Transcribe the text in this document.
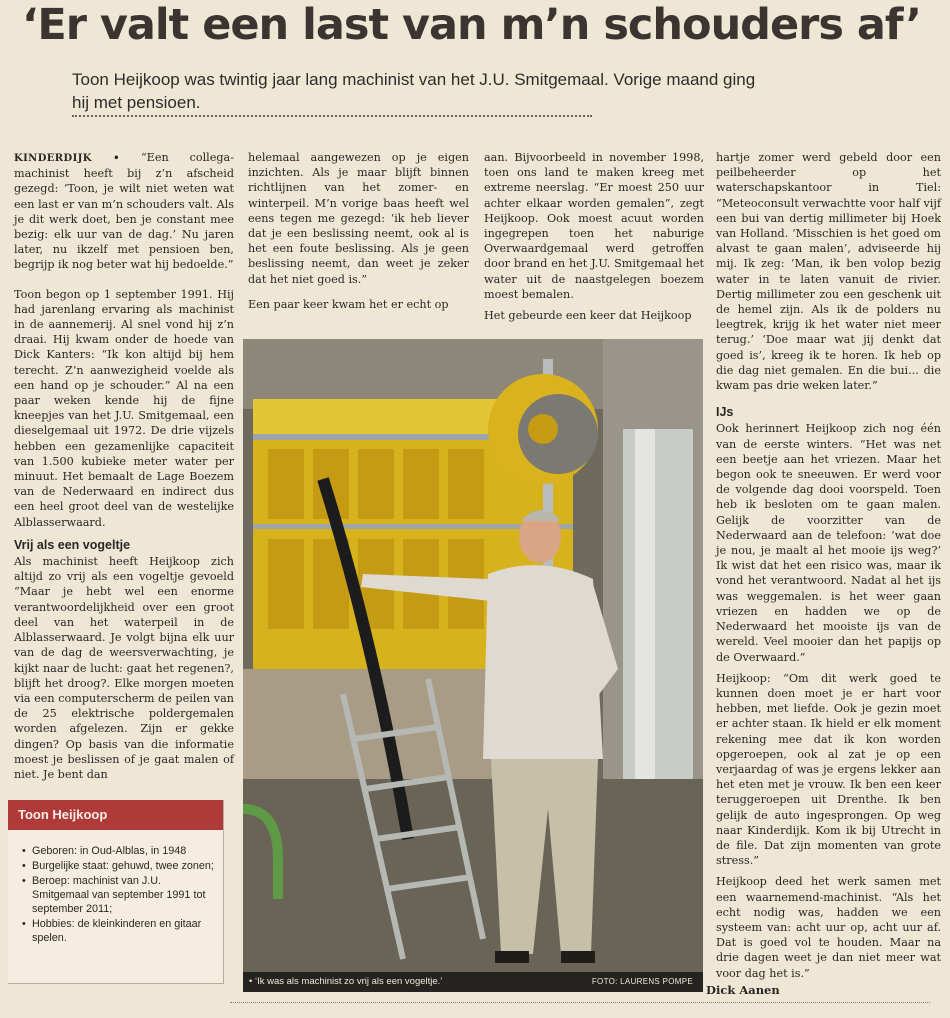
‘Er valt een last van m’n schouders af’
Toon Heijkoop was twintig jaar lang machinist van het J.U. Smitgemaal. Vorige maand ging hij met pensioen.

KINDERDIJK • “Een collega-machinist heeft bij z’n afscheid gezegd: ‘Toon, je wilt niet weten wat een last er van m’n schouders valt. Als je dit werk doet, ben je constant mee bezig: elk uur van de dag.’ Nu jaren later, nu ikzelf met pensioen ben, begrijp ik nog beter wat hij bedoelde.”

Toon begon op 1 september 1991. Hij had jarenlang ervaring als machinist in de aannemerij. Al snel vond hij z’n draai. Hij kwam onder de hoede van Dick Kanters: “Ik kon altijd bij hem terecht. Z’n aanwezigheid voelde als een hand op je schouder.” Al na een paar weken kende hij de fijne kneepjes van het J.U. Smitgemaal, een dieselgemaal uit 1972. De drie vijzels hebben een gezamenlijke capaciteit van 1.500 kubieke meter water per minuut. Het bemaalt de Lage Boezem van de Nederwaard en indirect dus een heel groot deel van de westelijke Alblasserwaard.

Vrij als een vogeltje

Als machinist heeft Heijkoop zich altijd zo vrij als een vogeltje gevoeld “Maar je hebt wel een enorme verantwoordelijkheid over een groot deel van het waterpeil in de Alblasserwaard. Je volgt bijna elk uur van de dag de weersverwachting, je kijkt naar de lucht: gaat het regenen?, blijft het droog?. Elke morgen moeten via een computerscherm de peilen van de 25 elektrische poldergemalen worden afgelezen. Zijn er gekke dingen? Op basis van die informatie moest je beslissen of je gaat malen of niet. Je bent dan

Toon Heijkoop
• Geboren: in Oud-Alblas, in 1948
• Burgelijke staat: gehuwd, twee zonen;
• Beroep: machinist van J.U. Smitgemaal van september 1991 tot september 2011;
• Hobbies: de kleinkinderen en gitaar spelen.

helemaal aangewezen op je eigen inzichten. Als je maar blijft binnen richtlijnen van het zomer- en winterpeil. M’n vorige baas heeft wel eens tegen me gezegd: ‘ik heb liever dat je een beslissing neemt, ook al is het een foute beslissing. Als je geen beslissing neemt, dan weet je zeker dat het niet goed is.”

Een paar keer kwam het er echt op

aan. Bijvoorbeeld in november 1998, toen ons land te maken kreeg met extreme neerslag. “Er moest 250 uur achter elkaar worden gemalen”, zegt Heijkoop. Ook moest acuut worden ingegrepen toen het naburige Overwaardgemaal werd getroffen door brand en het J.U. Smitgemaal het water uit de naastgelegen boezem moest bemalen.

Het gebeurde een keer dat Heijkoop

hartje zomer werd gebeld door een peilbeheerder op het waterschapskantoor in Tiel: “Meteoconsult verwachtte voor half vijf een bui van dertig millimeter bij Hoek van Holland. ‘Misschien is het goed om alvast te gaan malen’, adviseerde hij mij. Ik zeg: ‘Man, ik ben volop bezig water in te laten vanuit de rivier. Dertig millimeter zou een geschenk uit de hemel zijn. Als ik de polders nu leegtrek, krijg ik het water niet meer terug.’ ‘Doe maar wat jij denkt dat goed is’, kreeg ik te horen. Ik heb op die dag niet gemalen. En die bui... die kwam pas drie weken later.”

IJs

Ook herinnert Heijkoop zich nog één van de eerste winters. “Het was net een beetje aan het vriezen. Maar het begon ook te sneeuwen. Er werd voor de volgende dag dooi voorspeld. Toen heb ik besloten om te gaan malen. Gelijk de voorzitter van de Nederwaard aan de telefoon: ‘wat doe je nou, je maalt al het mooie ijs weg?’ Ik wist dat het een risico was, maar ik vond het verantwoord. Nadat al het ijs was weggemalen. is het weer gaan vriezen en hadden we op de Nederwaard het mooiste ijs van de wereld. Veel mooier dan het papijs op de Overwaard.”

Heijkoop: “Om dit werk goed te kunnen doen moet je er hart voor hebben, met liefde. Ook je gezin moet er achter staan. Ik hield er elk moment rekening mee dat ik kon worden opgeroepen, ook al zat je op een verjaardag of was je ergens lekker aan het eten met je vrouw. Ik ben een keer teruggeroepen uit Drenthe. Ik ben gelijk de auto ingesprongen. Op weg naar Kinderdijk. Kom ik bij Utrecht in de file. Dat zijn momenten van grote stress.”

Heijkoop deed het werk samen met een waarnemend-machinist. “Als het echt nodig was, hadden we een systeem van: acht uur op, acht uur af. Dat is goed vol te houden. Maar na drie dagen weet je dan niet meer wat voor dag het is.”

• ‘Ik was als machinist zo vrij als een vogeltje.’	FOTO: LAURENS POMPE
Dick Aanen
